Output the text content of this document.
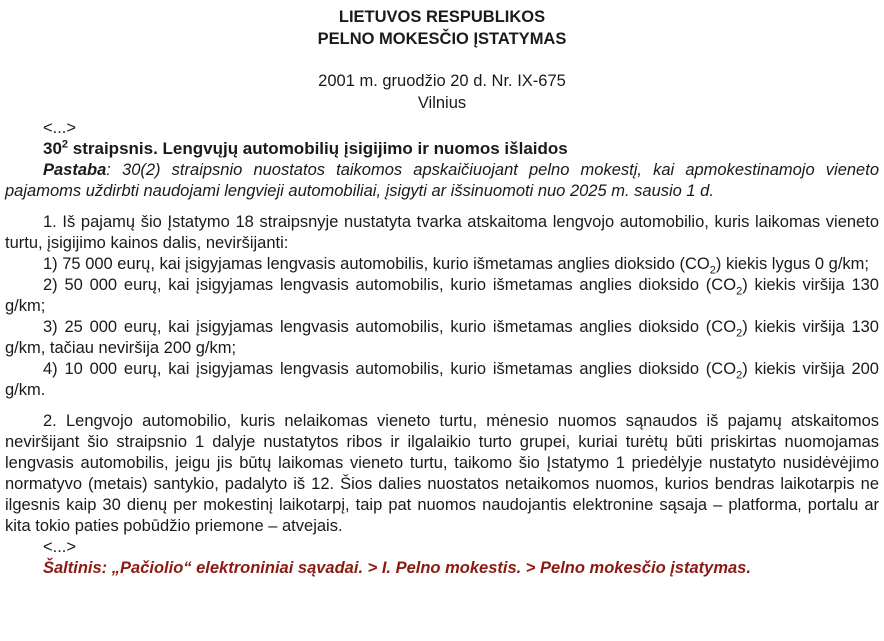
LIETUVOS RESPUBLIKOS
PELNO MOKESČIO ĮSTATYMAS
2001 m. gruodžio 20 d. Nr. IX-675
Vilnius
<...>
$30^2$ straipsnis. Lengvųjų automobilių įsigijimo ir nuomos išlaidos
Pastaba: 30(2) straipsnio nuostatos taikomos apskaičiuojant pelno mokestį, kai apmokestinamojo vieneto pajamoms uždirbti naudojami lengvieji automobiliai, įsigyti ar išsinuomoti nuo 2025 m. sausio 1 d.

1. Iš pajamų šio Įstatymo 18 straipsnyje nustatyta tvarka atskaitoma lengvojo automobilio, kuris laikomas vieneto turtu, įsigijimo kainos dalis, neviršijanti:

1) 75 000 eurų, kai įsigyjamas lengvasis automobilis, kurio išmetamas anglies dioksido $(CO_2)$ kiekis lygus 0 g/km;

2) 50 000 eurų, kai įsigyjamas lengvasis automobilis, kurio išmetamas anglies dioksido $(CO_2)$ kiekis viršija 130 g/km;

3) 25 000 eurų, kai įsigyjamas lengvasis automobilis, kurio išmetamas anglies dioksido $(CO_2)$ kiekis viršija 130 g/km, tačiau neviršija 200 g/km;

4) 10 000 eurų, kai įsigyjamas lengvasis automobilis, kurio išmetamas anglies dioksido $(CO_2)$ kiekis viršija 200 g/km.

2. Lengvojo automobilio, kuris nelaikomas vieneto turtu, mėnesio nuomos sąnaudos iš pajamų atskaitomos neviršijant šio straipsnio 1 dalyje nustatytos ribos ir ilgalaikio turto grupei, kuriai turėtų būti priskirtas nuomojamas lengvasis automobilis, jeigu jis būtų laikomas vieneto turtu, taikomo šio Įstatymo 1 priedėlyje nustatyto nusidėvėjimo normatyvo (metais) santykio, padalyto iš 12. Šios dalies nuostatos netaikomos nuomos, kurios bendras laikotarpis ne ilgesnis kaip 30 dienų per mokestinį laikotarpį, taip pat nuomos naudojantis elektronine sąsaja – platforma, portalu ar kita tokio paties pobūdžio priemone – atvejais.

<...>
Šaltinis: „Pačiolio“ elektroniniai sąvadai. > I. Pelno mokestis. > Pelno mokesčio įstatymas.
